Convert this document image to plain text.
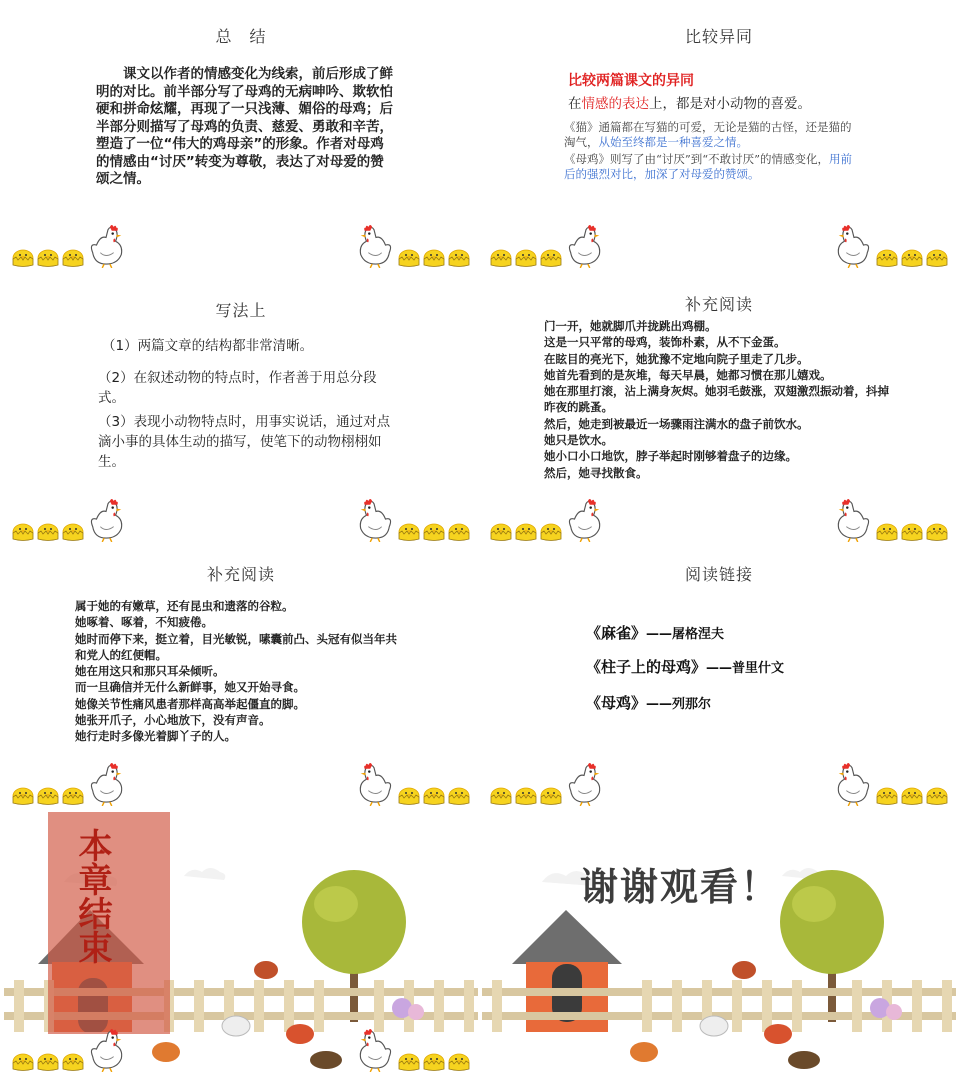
总　结
课文以作者的情感变化为线索，前后形成了鲜明的对比。前半部分写了母鸡的无病呻吟、欺软怕硬和拼命炫耀，再现了一只浅薄、媚俗的母鸡；后半部分则描写了母鸡的负责、慈爱、勇敢和辛苦，塑造了一位“伟大的鸡母亲”的形象。作者对母鸡的情感由“讨厌”转变为尊敬，表达了对母爱的赞颂之情。
比较异同
比较两篇课文的异同
在情感的表达上，都是对小动物的喜爱。
《猫》通篇都在写猫的可爱，无论是猫的古怪，还是猫的淘气，从始至终都是一种喜爱之情。
《母鸡》则写了由“讨厌”到“不敢讨厌”的情感变化，用前后的强烈对比，加深了对母爱的赞颂。
写法上
（1）两篇文章的结构都非常清晰。
（2）在叙述动物的特点时，作者善于用总分段式。
（3）表现小动物特点时，用事实说话，通过对点滴小事的具体生动的描写，使笔下的动物栩栩如生。
补充阅读
门一开，她就脚爪并拢跳出鸡棚。
这是一只平常的母鸡，装饰朴素，从不下金蛋。
在眩目的亮光下，她犹豫不定地向院子里走了几步。
她首先看到的是灰堆，每天早晨，她都习惯在那儿嬉戏。
她在那里打滚，沾上满身灰烬。她羽毛鼓涨，双翅激烈振动着，抖掉昨夜的跳蚤。
然后，她走到被最近一场骤雨注满水的盘子前饮水。
她只是饮水。
她小口小口地饮，脖子举起时刚够着盘子的边缘。
然后，她寻找散食。
补充阅读
属于她的有嫩草，还有昆虫和遗落的谷粒。
她啄着、啄着，不知疲倦。
她时而停下来，挺立着，目光敏锐，嗉囊前凸、头冠有似当年共和党人的红便帽。
她在用这只和那只耳朵倾听。
而一旦确信并无什么新鲜事，她又开始寻食。
她像关节性痛风患者那样高高举起僵直的脚。
她张开爪子，小心地放下，没有声音。
她行走时多像光着脚丫子的人。
阅读链接
《麻雀》——屠格涅夫
《柱子上的母鸡》——普里什文
《母鸡》——列那尔
本章结束	谢谢观看！
